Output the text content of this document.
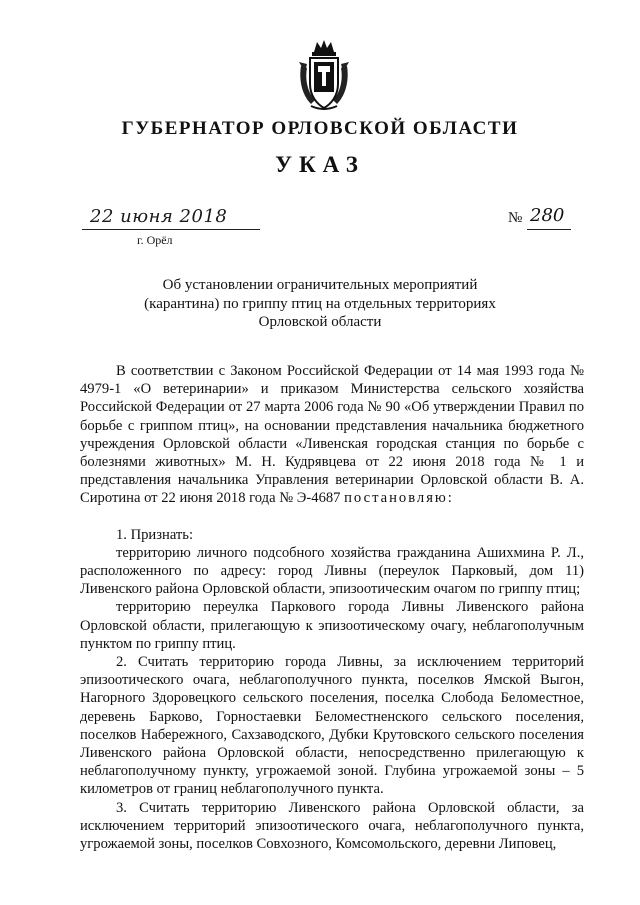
ГУБЕРНАТОР ОРЛОВСКОЙ ОБЛАСТИ
УКАЗ
22 июня 2018
г. Орёл
№ 280
Об установлении ограничительных мероприятий
(карантина) по гриппу птиц на отдельных территориях
Орловской области

В соответствии с Законом Российской Федерации от 14 мая 1993 года № 4979-1 «О ветеринарии» и приказом Министерства сельского хозяйства Российской Федерации от 27 марта 2006 года № 90 «Об утверждении Правил по борьбе с гриппом птиц», на основании представления начальника бюджетного учреждения Орловской области «Ливенская городская станция по борьбе с болезнями животных» М. Н. Кудрявцева от 22 июня 2018 года № 1 и представления начальника Управления ветеринарии Орловской области В. А. Сиротина от 22 июня 2018 года № Э-4687 постановляю:

1. Признать:

территорию личного подсобного хозяйства гражданина Ашихмина Р. Л., расположенного по адресу: город Ливны (переулок Парковый, дом 11) Ливенского района Орловской области, эпизоотическим очагом по гриппу птиц;

территорию переулка Паркового города Ливны Ливенского района Орловской области, прилегающую к эпизоотическому очагу, неблагополучным пунктом по гриппу птиц.

2. Считать территорию города Ливны, за исключением территорий эпизоотического очага, неблагополучного пункта, поселков Ямской Выгон, Нагорного Здоровецкого сельского поселения, поселка Слобода Беломестное, деревень Барково, Горностаевки Беломестненского сельского поселения, поселков Набережного, Сахзаводского, Дубки Крутовского сельского поселения Ливенского района Орловской области, непосредственно прилегающую к неблагополучному пункту, угрожаемой зоной. Глубина угрожаемой зоны – 5 километров от границ неблагополучного пункта.

3. Считать территорию Ливенского района Орловской области, за исключением территорий эпизоотического очага, неблагополучного пункта, угрожаемой зоны, поселков Совхозного, Комсомольского, деревни Липовец,
